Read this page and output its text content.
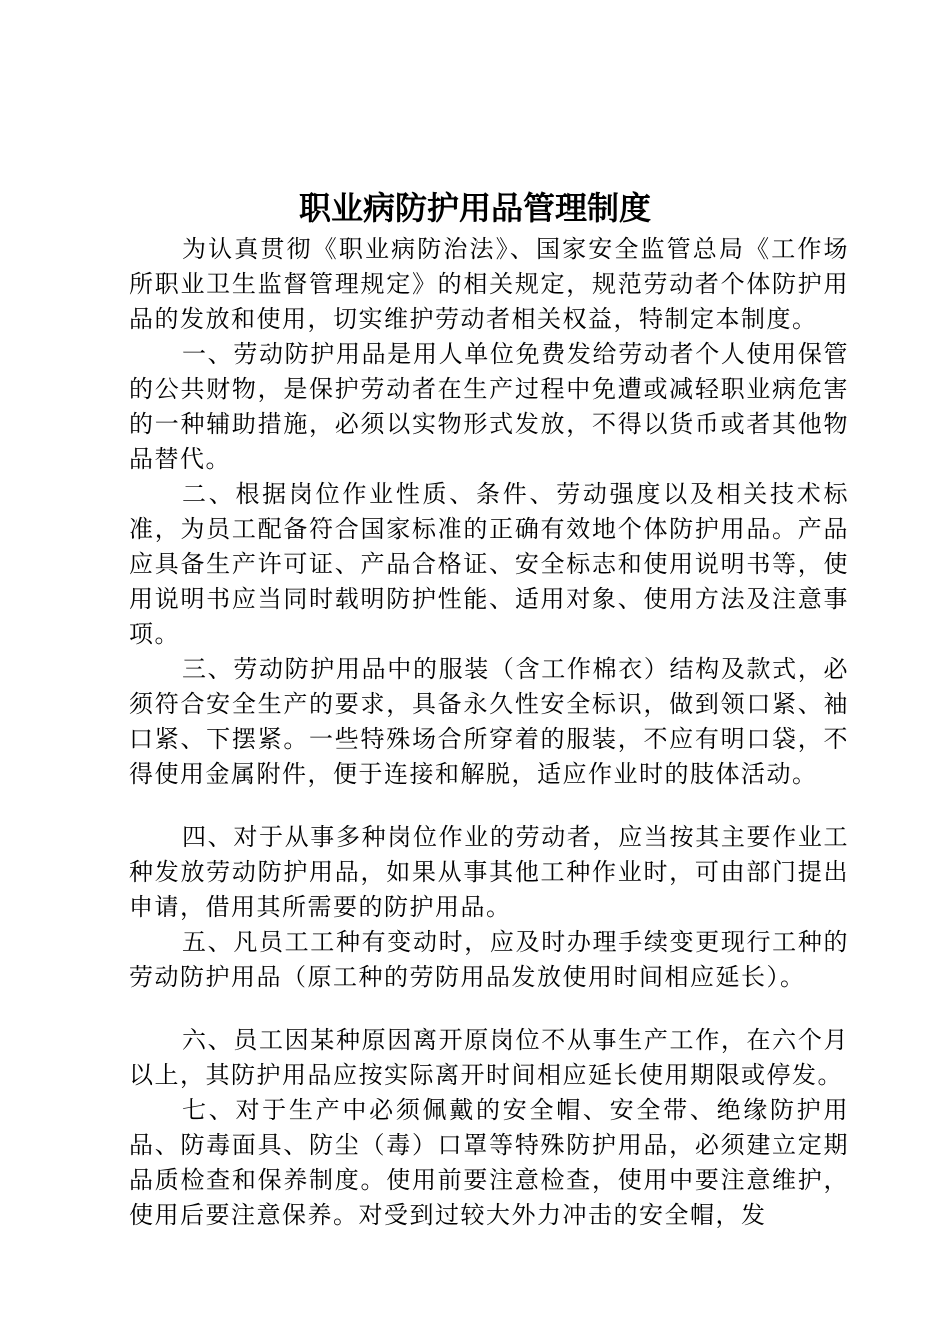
职业病防护用品管理制度

为认真贯彻《职业病防治法》、国家安全监管总局《工作场所职业卫生监督管理规定》的相关规定，规范劳动者个体防护用品的发放和使用，切实维护劳动者相关权益，特制定本制度。

一、劳动防护用品是用人单位免费发给劳动者个人使用保管的公共财物，是保护劳动者在生产过程中免遭或减轻职业病危害的一种辅助措施，必须以实物形式发放，不得以货币或者其他物品替代。

二、根据岗位作业性质、条件、劳动强度以及相关技术标准，为员工配备符合国家标准的正确有效地个体防护用品。产品应具备生产许可证、产品合格证、安全标志和使用说明书等，使用说明书应当同时载明防护性能、适用对象、使用方法及注意事项。

三、劳动防护用品中的服装（含工作棉衣）结构及款式，必须符合安全生产的要求，具备永久性安全标识，做到领口紧、袖口紧、下摆紧。一些特殊场合所穿着的服装，不应有明口袋，不得使用金属附件，便于连接和解脱，适应作业时的肢体活动。

四、对于从事多种岗位作业的劳动者，应当按其主要作业工种发放劳动防护用品，如果从事其他工种作业时，可由部门提出申请，借用其所需要的防护用品。

五、凡员工工种有变动时，应及时办理手续变更现行工种的劳动防护用品（原工种的劳防用品发放使用时间相应延长）。

六、员工因某种原因离开原岗位不从事生产工作，在六个月以上，其防护用品应按实际离开时间相应延长使用期限或停发。

七、对于生产中必须佩戴的安全帽、安全带、绝缘防护用品、防毒面具、防尘（毒）口罩等特殊防护用品，必须建立定期品质检查和保养制度。使用前要注意检查，使用中要注意维护，使用后要注意保养。对受到过较大外力冲击的安全帽，发
